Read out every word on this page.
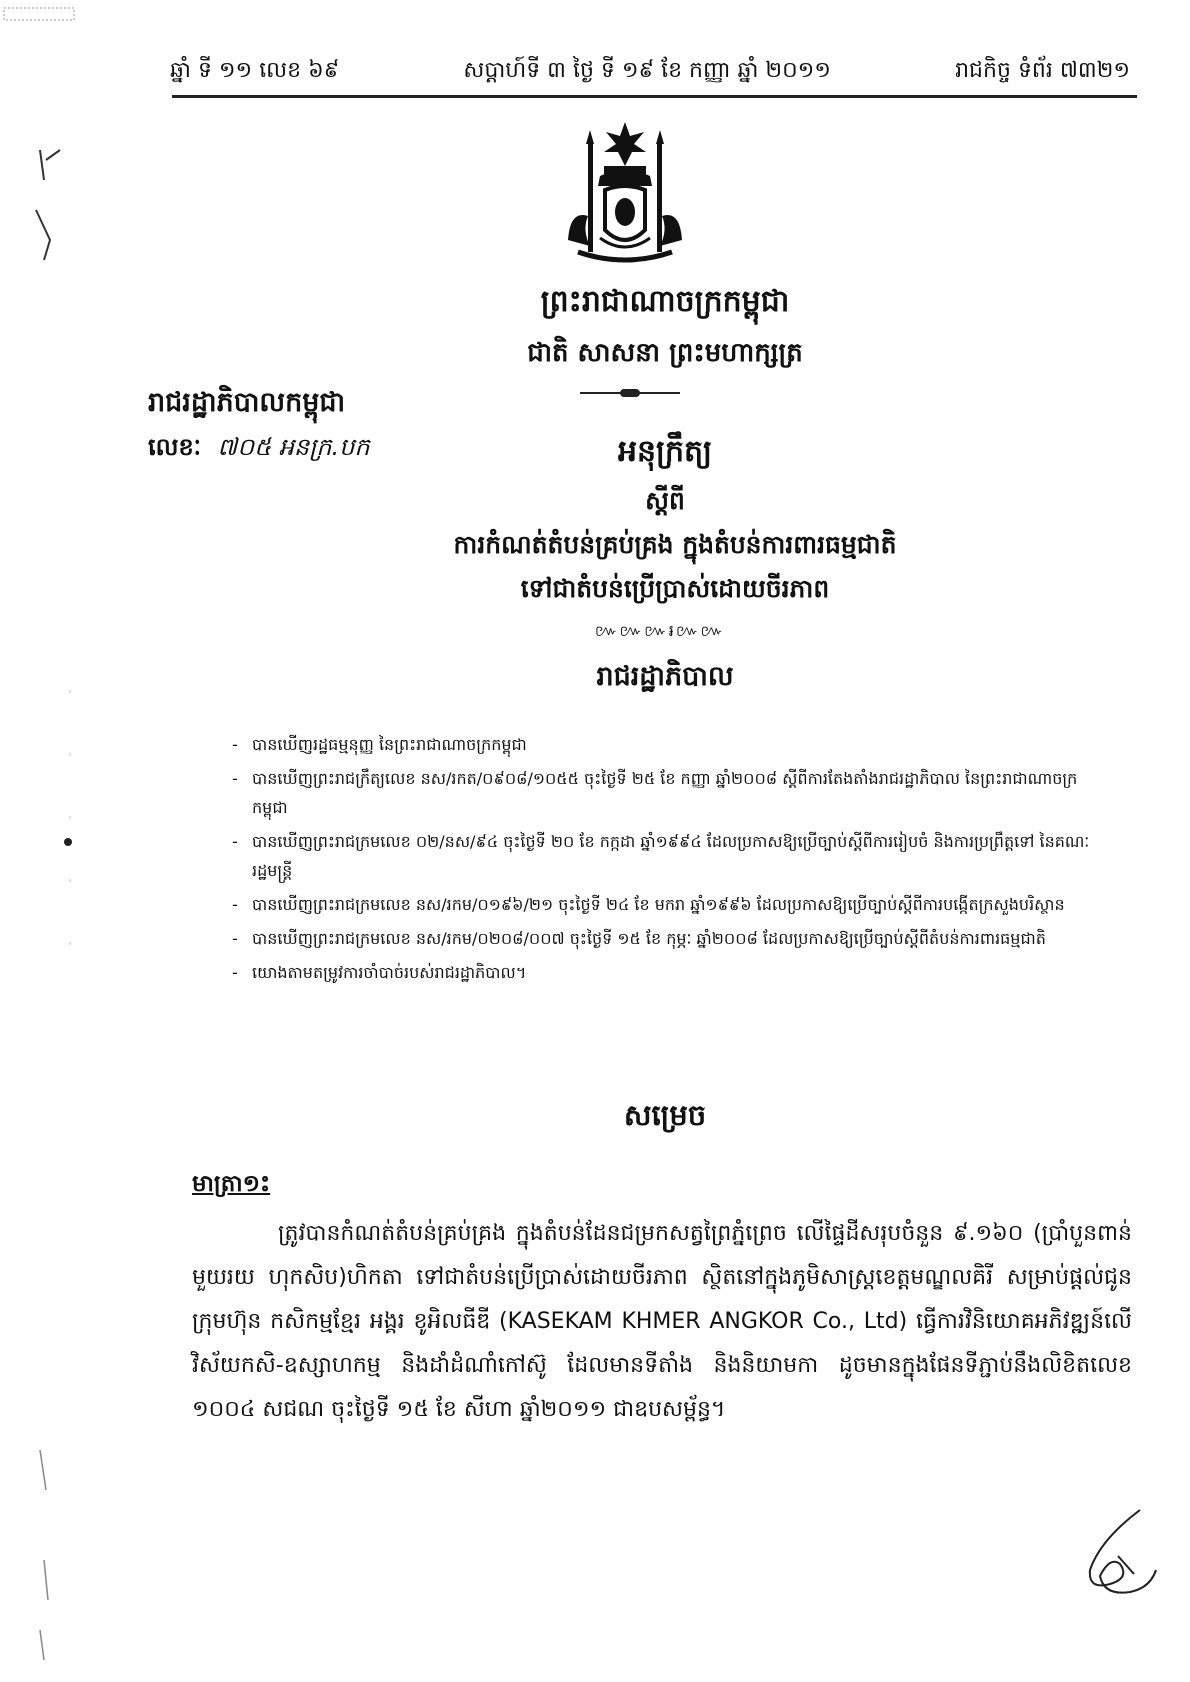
ឆ្នាំ ទី ១១ លេខ ៦៩	សប្តាហ៍ទី ៣ ថ្ងៃ ទី ១៩ ខែ កញ្ញា ឆ្នាំ ២០១១	រាជកិច្ច ទំព័រ ៧៣២១
ព្រះរាជាណាចក្រកម្ពុជា
ជាតិ សាសនា ព្រះមហាក្សត្រ
រាជរដ្ឋាភិបាលកម្ពុជា
លេខៈ ៧០៥ អនក្រ.បក	អនុក្រឹត្យ
ស្តីពី
ការកំណត់តំបន់គ្រប់គ្រង ក្នុងតំបន់ការពារធម្មជាតិ
ទៅជាតំបន់ប្រើប្រាស់ដោយចីរភាព
៚៚៚៛៚៚
រាជរដ្ឋាភិបាល
- បានឃើញរដ្ឋធម្មនុញ្ញ នៃព្រះរាជាណាចក្រកម្ពុជា
- បានឃើញព្រះរាជក្រឹត្យលេខ នស/រកត/០៩០៨/១០៥៥ ចុះថ្ងៃទី ២៥ ខែ កញ្ញា ឆ្នាំ២០០៨ ស្តីពីការតែងតាំងរាជរដ្ឋាភិបាល នៃព្រះរាជាណាចក្រកម្ពុជា
- បានឃើញព្រះរាជក្រមលេខ ០២/នស/៩៤ ចុះថ្ងៃទី ២០ ខែ កក្កដា ឆ្នាំ១៩៩៤ ដែលប្រកាសឱ្យប្រើច្បាប់ស្តីពីការរៀបចំ និងការប្រព្រឹត្តទៅ នៃគណៈរដ្ឋមន្ត្រី
- បានឃើញព្រះរាជក្រមលេខ នស/រកម/០១៩៦/២១ ចុះថ្ងៃទី ២៤ ខែ មករា ឆ្នាំ១៩៩៦ ដែលប្រកាសឱ្យប្រើច្បាប់ស្តីពីការបង្កើតក្រសួងបរិស្ថាន
- បានឃើញព្រះរាជក្រមលេខ នស/រកម/០២០៨/០០៧ ចុះថ្ងៃទី ១៥ ខែ កុម្ភៈ ឆ្នាំ២០០៨ ដែលប្រកាសឱ្យប្រើច្បាប់ស្តីពីតំបន់ការពារធម្មជាតិ
- យោងតាមតម្រូវការចាំបាច់របស់រាជរដ្ឋាភិបាល។
សម្រេច
មាត្រា១ះ

ត្រូវបានកំណត់តំបន់គ្រប់គ្រង ក្នុងតំបន់ដែនជម្រកសត្វព្រៃភ្នំព្រេច លើផ្ទៃដីសរុបចំនួន ៩.១៦០ (ប្រាំបួនពាន់ មួយរយ ហុកសិប)ហិកតា ទៅជាតំបន់ប្រើប្រាស់ដោយចីរភាព ស្ថិតនៅក្នុងភូមិសាស្ត្រខេត្តមណ្ឌលគិរី សម្រាប់ផ្តល់ជូនក្រុមហ៊ុន កសិកម្មខ្មែរ អង្គរ ខូអិលធីឌី (KASEKAM KHMER ANGKOR Co., Ltd) ធ្វើការវិនិយោគអភិវឌ្ឍន៍លើវិស័យកសិ-ឧស្សាហកម្ម និងដាំដំណាំកៅស៊ូ ដែលមានទីតាំង និងនិយាមកា ដូចមានក្នុងផែនទីភ្ជាប់នឹងលិខិតលេខ ១០០៤ សជណ ចុះថ្ងៃទី ១៥ ខែ សីហា ឆ្នាំ២០១១ ជាឧបសម្ព័ន្ធ។
